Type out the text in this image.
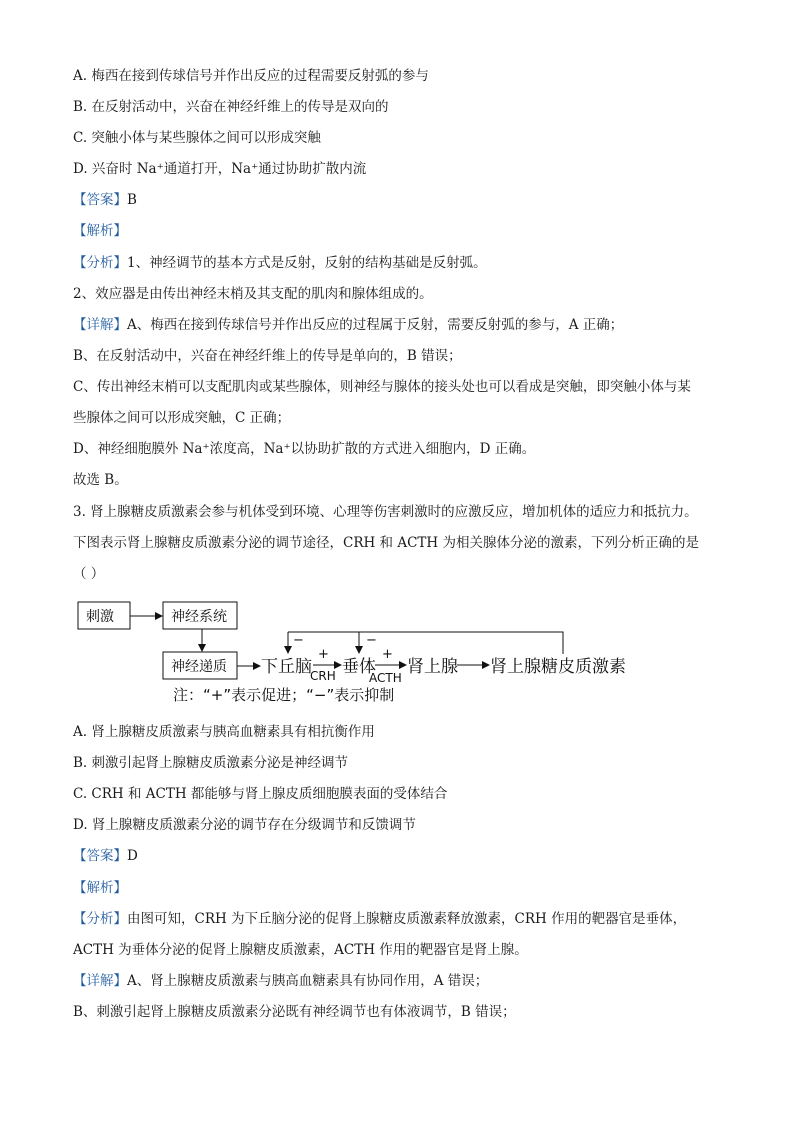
A. 梅西在接到传球信号并作出反应的过程需要反射弧的参与
B. 在反射活动中，兴奋在神经纤维上的传导是双向的
C. 突触小体与某些腺体之间可以形成突触
D. 兴奋时 Na⁺通道打开，Na⁺通过协助扩散内流
【答案】B
【解析】
【分析】1、神经调节的基本方式是反射，反射的结构基础是反射弧。
2、效应器是由传出神经末梢及其支配的肌肉和腺体组成的。
【详解】A、梅西在接到传球信号并作出反应的过程属于反射，需要反射弧的参与，A 正确；
B、在反射活动中，兴奋在神经纤维上的传导是单向的，B 错误；
C、传出神经末梢可以支配肌肉或某些腺体，则神经与腺体的接头处也可以看成是突触，即突触小体与某
些腺体之间可以形成突触，C 正确；
D、神经细胞膜外 Na⁺浓度高，Na⁺以协助扩散的方式进入细胞内，D 正确。
故选 B。
3. 肾上腺糖皮质激素会参与机体受到环境、心理等伤害刺激时的应激反应，增加机体的适应力和抵抗力。
下图表示肾上腺糖皮质激素分泌的调节途径，CRH 和 ACTH 为相关腺体分泌的激素，下列分析正确的是
（ ）
刺激	神经系统
神经递质 下丘脑 垂体 肾上腺 肾上腺糖皮质激素
+
CRH
+
ACTH
−	−
注：“+”表示促进；“−”表示抑制
A. 肾上腺糖皮质激素与胰高血糖素具有相抗衡作用
B. 刺激引起肾上腺糖皮质激素分泌是神经调节
C. CRH 和 ACTH 都能够与肾上腺皮质细胞膜表面的受体结合
D. 肾上腺糖皮质激素分泌的调节存在分级调节和反馈调节
【答案】D
【解析】
【分析】由图可知，CRH 为下丘脑分泌的促肾上腺糖皮质激素释放激素，CRH 作用的靶器官是垂体，
ACTH 为垂体分泌的促肾上腺糖皮质激素，ACTH 作用的靶器官是肾上腺。
【详解】A、肾上腺糖皮质激素与胰高血糖素具有协同作用，A 错误；
B、刺激引起肾上腺糖皮质激素分泌既有神经调节也有体液调节，B 错误；
